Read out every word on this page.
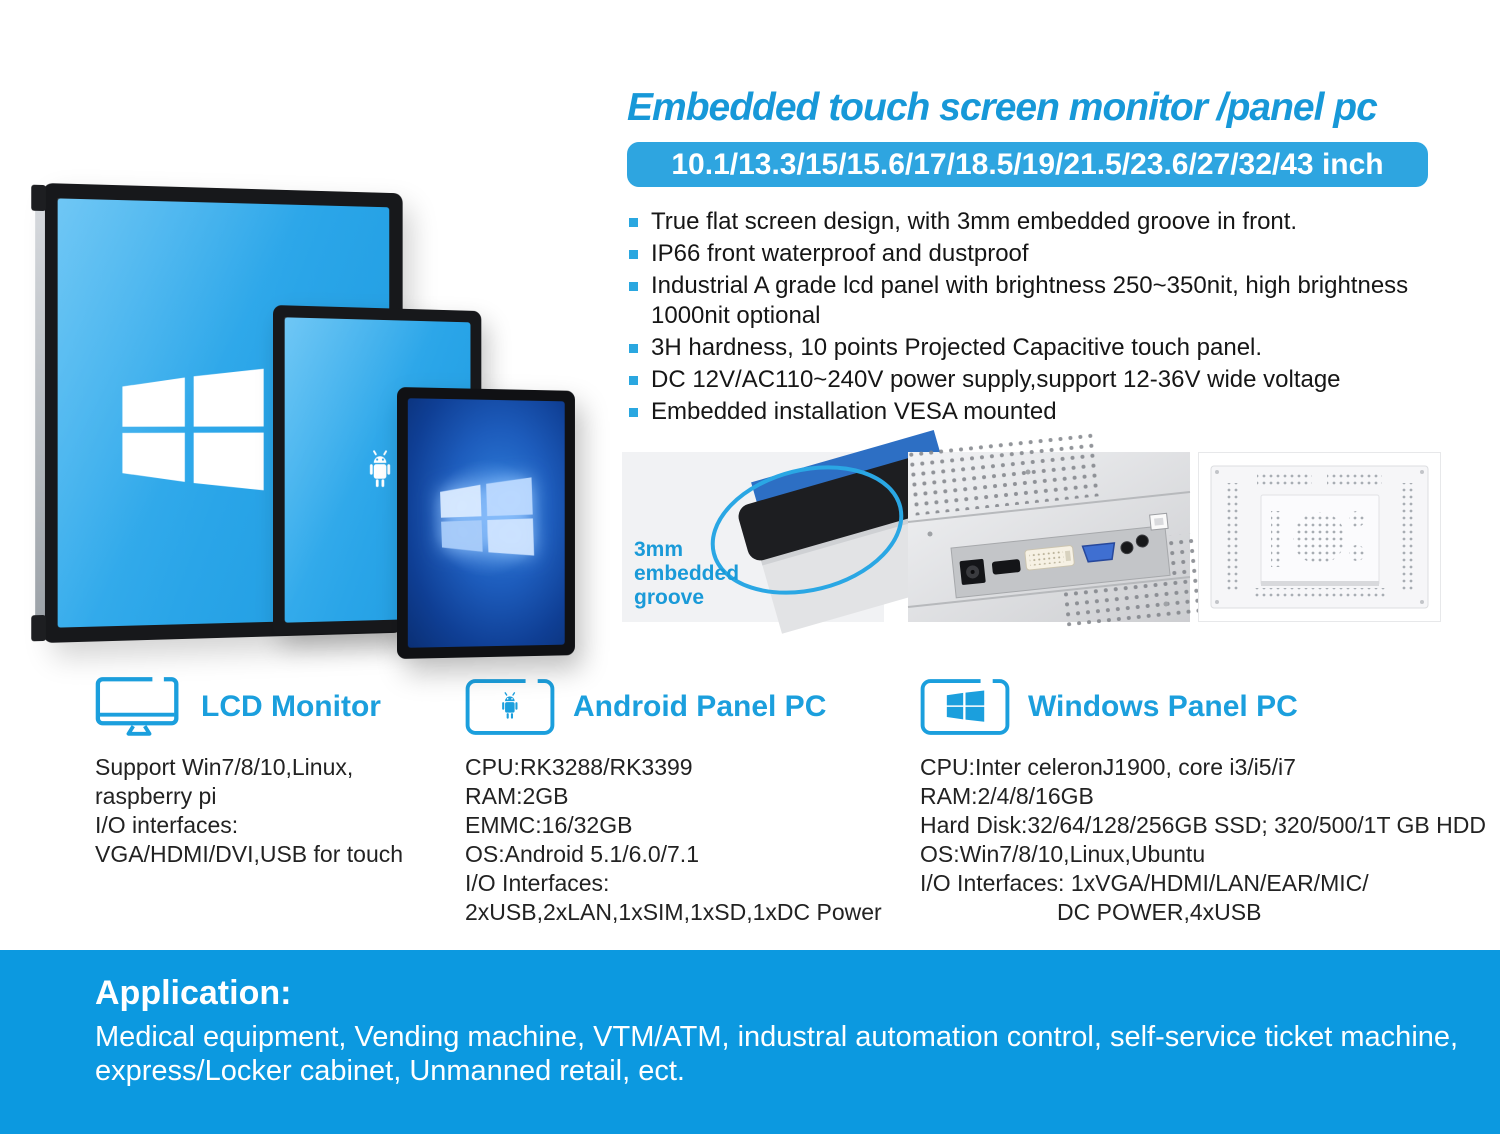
Embedded touch screen monitor /panel pc
10.1/13.3/15/15.6/17/18.5/19/21.5/23.6/27/32/43 inch
True flat screen design, with 3mm embedded groove in front.
IP66 front waterproof and dustproof
Industrial A grade lcd panel with brightness 250~350nit, high brightness 1000nit optional
3H hardness, 10 points Projected Capacitive touch panel.
DC 12V/AC110~240V power supply,support 12-36V wide voltage
Embedded installation VESA mounted
3mm
embedded
groove
LCD Monitor
Support Win7/8/10,Linux,
raspberry pi
I/O interfaces:
VGA/HDMI/DVI,USB for touch
Android Panel PC
CPU:RK3288/RK3399
RAM:2GB
EMMC:16/32GB
OS:Android 5.1/6.0/7.1
I/O Interfaces:
2xUSB,2xLAN,1xSIM,1xSD,1xDC Power
Windows Panel PC
CPU:Inter celeronJ1900, core i3/i5/i7
RAM:2/4/8/16GB
Hard Disk:32/64/128/256GB SSD; 320/500/1T GB HDD
OS:Win7/8/10,Linux,Ubuntu
I/O Interfaces: 1xVGA/HDMI/LAN/EAR/MIC/
DC POWER,4xUSB
Application:
Medical equipment, Vending machine, VTM/ATM, industral automation control, self-service ticket machine, express/Locker cabinet, Unmanned retail, ect.
